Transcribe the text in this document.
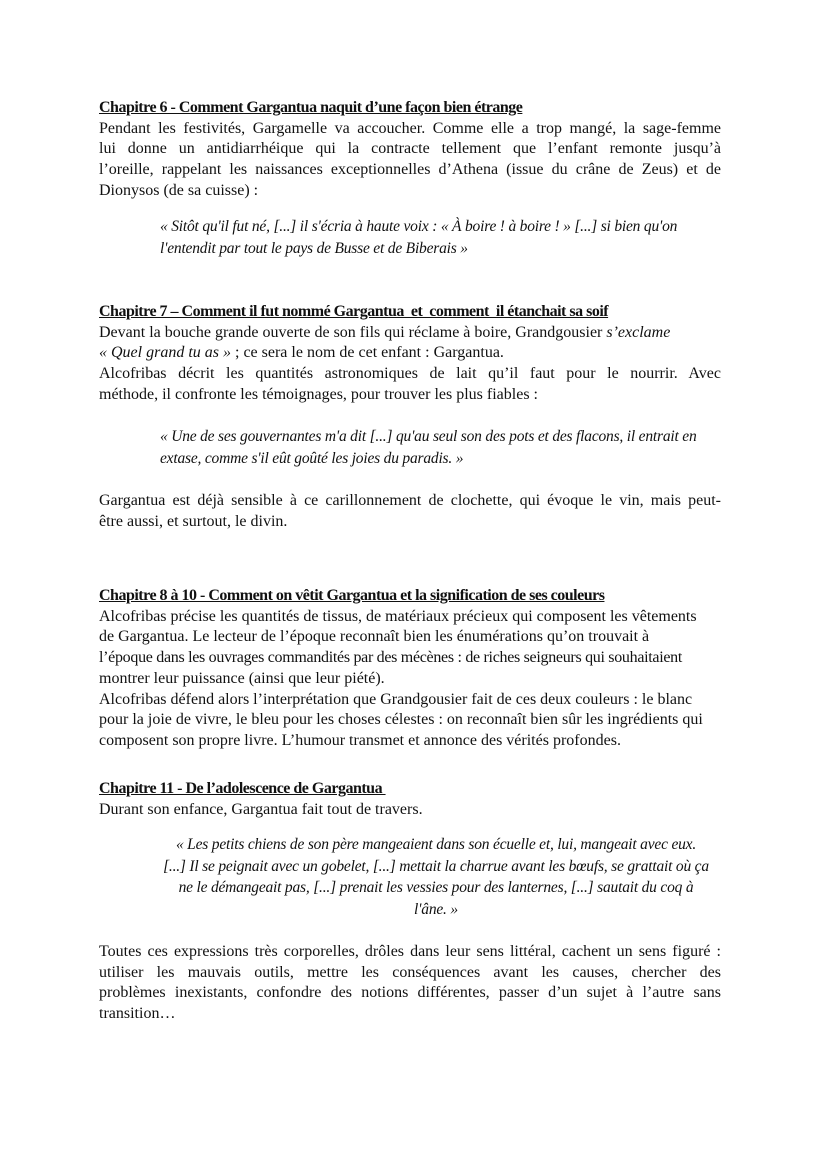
Chapitre 6 - Comment Gargantua naquit d’une façon bien étrange
Pendant les festivités, Gargamelle va accoucher. Comme elle a trop mangé, la sage-femme
lui donne un antidiarrhéique qui la contracte tellement que l’enfant remonte jusqu’à
l’oreille, rappelant les naissances exceptionnelles d’Athena (issue du crâne de Zeus) et de
Dionysos (de sa cuisse) :
« Sitôt qu'il fut né, [...] il s'écria à haute voix : « À boire ! à boire ! » [...] si bien qu'on
l'entendit par tout le pays de Busse et de Biberais »
Chapitre 7 – Comment il fut nommé Gargantua  et  comment  il étanchait sa soif
Devant la bouche grande ouverte de son fils qui réclame à boire, Grandgousier s’exclame
« Quel grand tu as » ; ce sera le nom de cet enfant : Gargantua.
Alcofribas décrit les quantités astronomiques de lait qu’il faut pour le nourrir. Avec
méthode, il confronte les témoignages, pour trouver les plus fiables :
« Une de ses gouvernantes m'a dit [...] qu'au seul son des pots et des flacons, il entrait en
extase, comme s'il eût goûté les joies du paradis. »
Gargantua est déjà sensible à ce carillonnement de clochette, qui évoque le vin, mais peut-
être aussi, et surtout, le divin.
Chapitre 8 à 10 - Comment on vêtit Gargantua et la signification de ses couleurs
Alcofribas précise les quantités de tissus, de matériaux précieux qui composent les vêtements
de Gargantua. Le lecteur de l’époque reconnaît bien les énumérations qu’on trouvait à
l’époque dans les ouvrages commandités par des mécènes : de riches seigneurs qui souhaitaient
montrer leur puissance (ainsi que leur piété).
Alcofribas défend alors l’interprétation que Grandgousier fait de ces deux couleurs : le blanc
pour la joie de vivre, le bleu pour les choses célestes : on reconnaît bien sûr les ingrédients qui
composent son propre livre. L’humour transmet et annonce des vérités profondes.
Chapitre 11 - De l’adolescence de Gargantua
Durant son enfance, Gargantua fait tout de travers.
« Les petits chiens de son père mangeaient dans son écuelle et, lui, mangeait avec eux.
[...] Il se peignait avec un gobelet, [...] mettait la charrue avant les bœufs, se grattait où ça
ne le démangeait pas, [...] prenait les vessies pour des lanternes, [...] sautait du coq à
l'âne. »
Toutes ces expressions très corporelles, drôles dans leur sens littéral, cachent un sens figuré :
utiliser les mauvais outils, mettre les conséquences avant les causes, chercher des
problèmes inexistants, confondre des notions différentes, passer d’un sujet à l’autre sans
transition…
